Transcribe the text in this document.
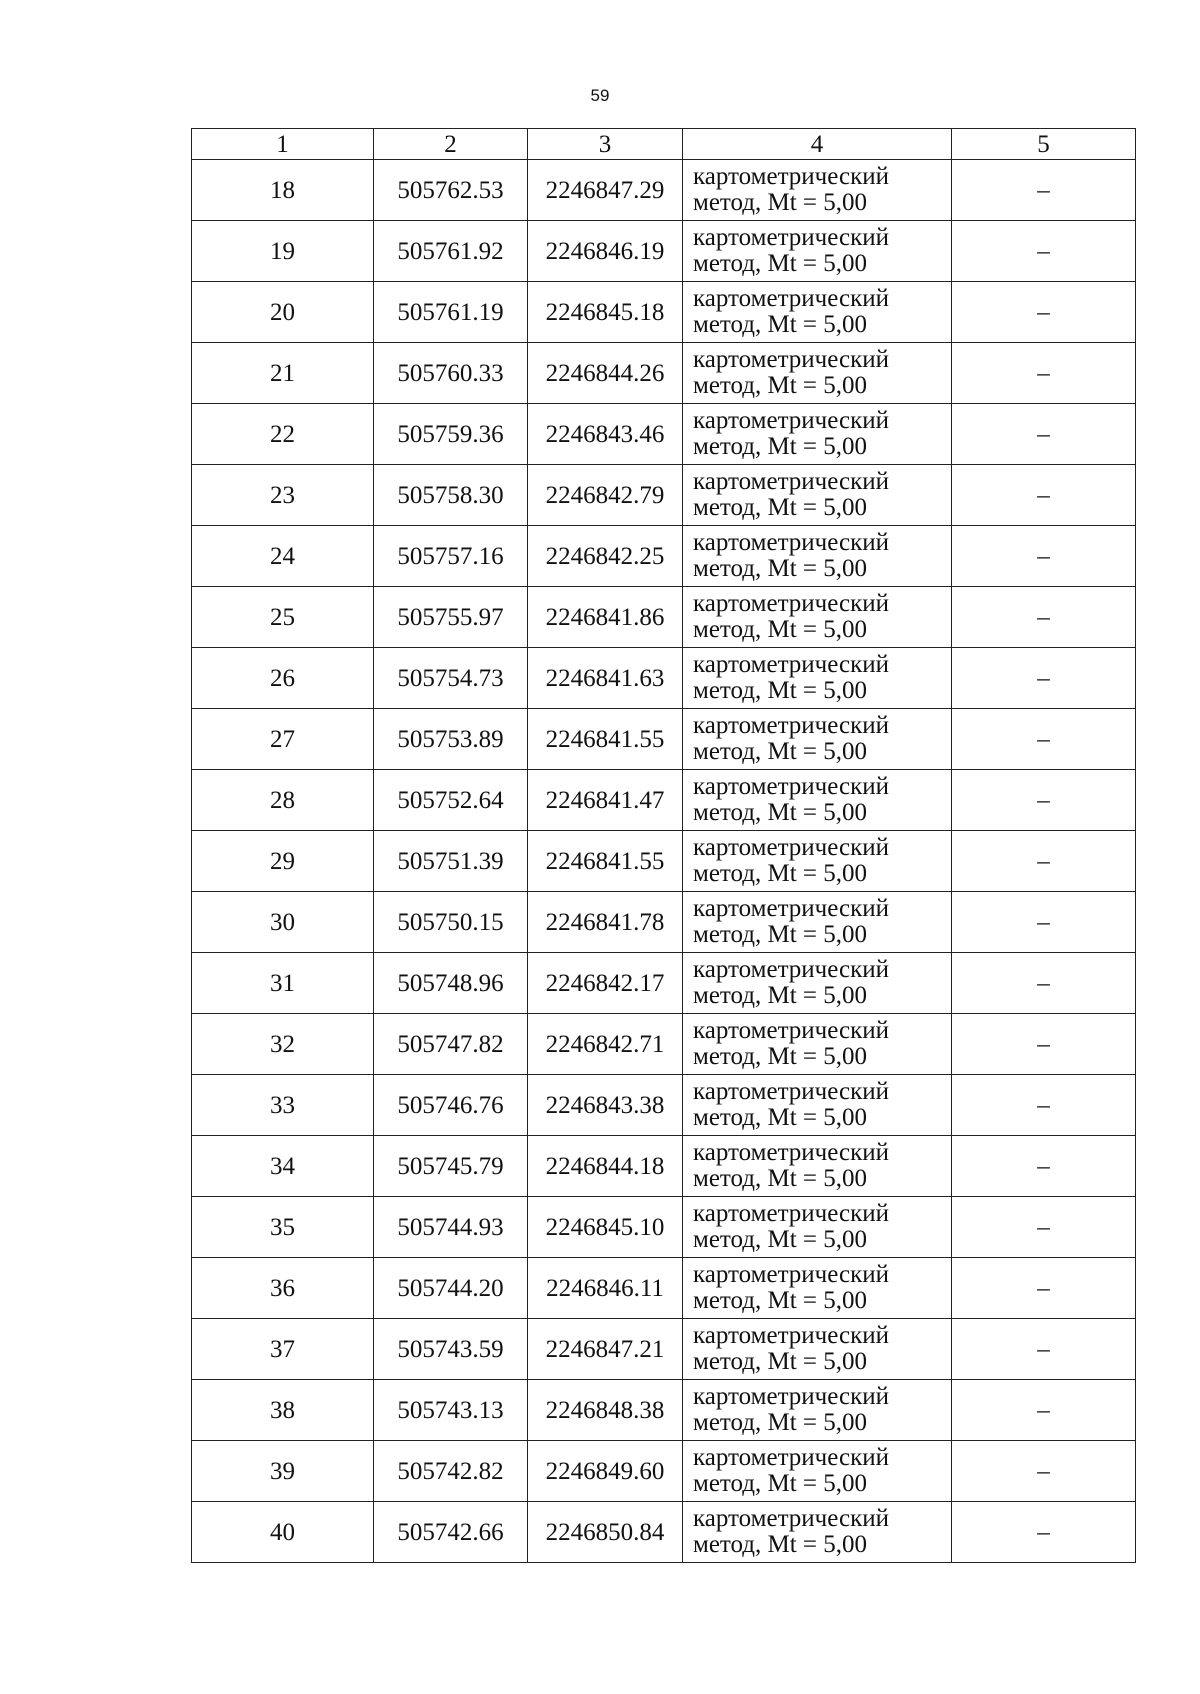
59
1	2	3	4	5
18	505762.53	2246847.29	картометрический
метод, Mt = 5,00	–
19	505761.92	2246846.19	картометрический
метод, Mt = 5,00	–
20	505761.19	2246845.18	картометрический
метод, Mt = 5,00	–
21	505760.33	2246844.26	картометрический
метод, Mt = 5,00	–
22	505759.36	2246843.46	картометрический
метод, Mt = 5,00	–
23	505758.30	2246842.79	картометрический
метод, Mt = 5,00	–
24	505757.16	2246842.25	картометрический
метод, Mt = 5,00	–
25	505755.97	2246841.86	картометрический
метод, Mt = 5,00	–
26	505754.73	2246841.63	картометрический
метод, Mt = 5,00	–
27	505753.89	2246841.55	картометрический
метод, Mt = 5,00	–
28	505752.64	2246841.47	картометрический
метод, Mt = 5,00	–
29	505751.39	2246841.55	картометрический
метод, Mt = 5,00	–
30	505750.15	2246841.78	картометрический
метод, Mt = 5,00	–
31	505748.96	2246842.17	картометрический
метод, Mt = 5,00	–
32	505747.82	2246842.71	картометрический
метод, Mt = 5,00	–
33	505746.76	2246843.38	картометрический
метод, Mt = 5,00	–
34	505745.79	2246844.18	картометрический
метод, Mt = 5,00	–
35	505744.93	2246845.10	картометрический
метод, Mt = 5,00	–
36	505744.20	2246846.11	картометрический
метод, Mt = 5,00	–
37	505743.59	2246847.21	картометрический
метод, Mt = 5,00	–
38	505743.13	2246848.38	картометрический
метод, Mt = 5,00	–
39	505742.82	2246849.60	картометрический
метод, Mt = 5,00	–
40	505742.66	2246850.84	картометрический
метод, Mt = 5,00	–
